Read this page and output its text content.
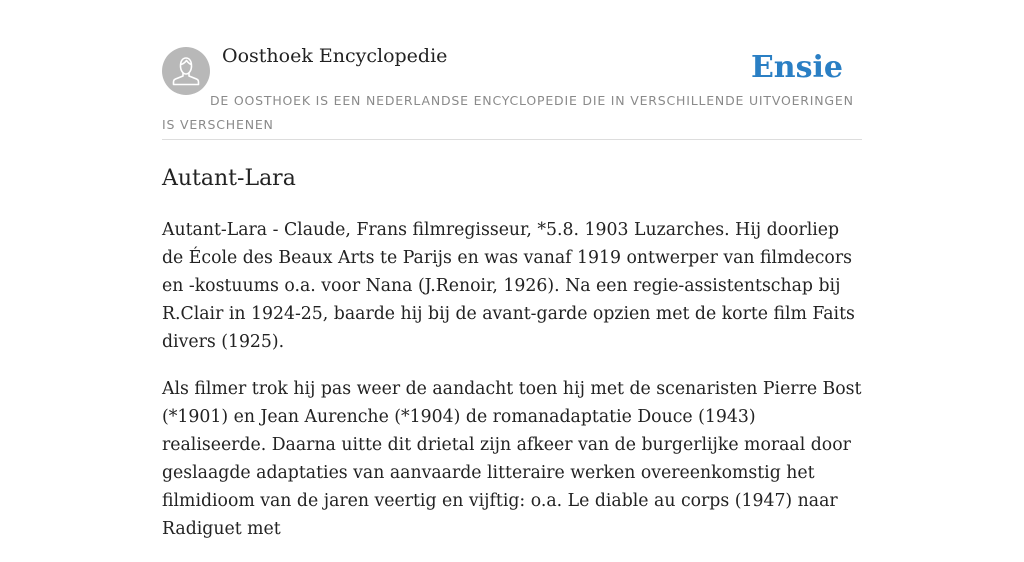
Oosthoek Encyclopedie	Ensie
DE OOSTHOEK IS EEN NEDERLANDSE ENCYCLOPEDIE DIE IN VERSCHILLENDE UITVOERINGEN IS VERSCHENEN
Autant-Lara

Autant-Lara - Claude, Frans filmregisseur, *5.8. 1903 Luzarches. Hij doorliep de École des Beaux Arts te Parijs en was vanaf 1919 ontwerper van filmdecors en -kostuums o.a. voor Nana (J.Renoir, 1926). Na een regie-assistentschap bij R.Clair in 1924-25, baarde hij bij de avant-garde opzien met de korte film Faits divers (1925).

Als filmer trok hij pas weer de aandacht toen hij met de scenaristen Pierre Bost (*1901) en Jean Aurenche (*1904) de romanadaptatie Douce (1943) realiseerde. Daarna uitte dit drietal zijn afkeer van de burgerlijke moraal door geslaagde adaptaties van aanvaarde litteraire werken overeenkomstig het filmidioom van de jaren veertig en vijftig: o.a. Le diable au corps (1947) naar Radiguet met
